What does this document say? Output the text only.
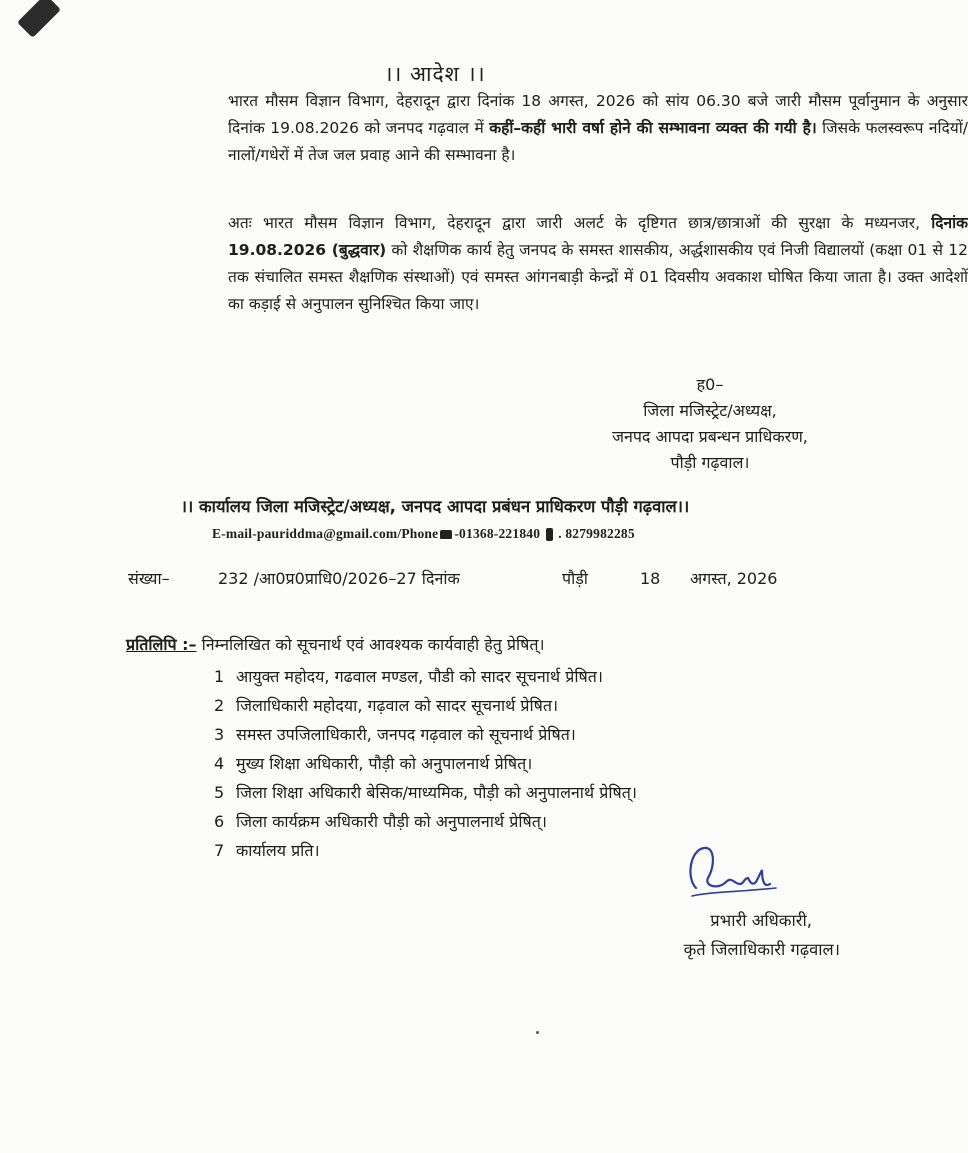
।। आदेश ।।

भारत मौसम विज्ञान विभाग, देहरादून द्वारा दिनांक 18 अगस्त, 2026 को सांय 06.30 बजे जारी मौसम पूर्वानुमान के अनुसार दिनांक 19.08.2026 को जनपद गढ़वाल में कहीं–कहीं भारी वर्षा होने की सम्भावना व्यक्त की गयी है। जिसके फलस्वरूप नदियों/नालों/गधेरों में तेज जल प्रवाह आने की सम्भावना है।

अतः भारत मौसम विज्ञान विभाग, देहरादून द्वारा जारी अलर्ट के दृष्टिगत छात्र/छात्राओं की सुरक्षा के मध्यनजर, दिनांक 19.08.2026 (बुद्धवार) को शैक्षणिक कार्य हेतु जनपद के समस्त शासकीय, अर्द्धशासकीय एवं निजी विद्यालयों (कक्षा 01 से 12 तक संचालित समस्त शैक्षणिक संस्थाओं) एवं समस्त आंगनबाड़ी केन्द्रों में 01 दिवसीय अवकाश घोषित किया जाता है। उक्त आदेशों का कड़ाई से अनुपालन सुनिश्चित किया जाए।

ह0–
जिला मजिस्ट्रेट/अध्यक्ष,
जनपद आपदा प्रबन्धन प्राधिकरण,
पौड़ी गढ़वाल।
।। कार्यालय जिला मजिस्ट्रेट/अध्यक्ष, जनपद आपदा प्रबंधन प्राधिकरण पौड़ी गढ़वाल।।
E-mail-pauriddma@gmail.com/Phone -01368-221840 . 8279982285
संख्या–	232 /आ0प्र0प्राधि0/2026–27 दिनांक	पौड़ी	18 अगस्त, 2026
प्रतिलिपि :– निम्नलिखित को सूचनार्थ एवं आवश्यक कार्यवाही हेतु प्रेषित्।
1 आयुक्त महोदय, गढवाल मण्डल, पौडी को सादर सूचनार्थ प्रेषित।
2 जिलाधिकारी महोदया, गढ़वाल को सादर सूचनार्थ प्रेषित।
3 समस्त उपजिलाधिकारी, जनपद गढ़वाल को सूचनार्थ प्रेषित।
4 मुख्य शिक्षा अधिकारी, पौड़ी को अनुपालनार्थ प्रेषित्।
5 जिला शिक्षा अधिकारी बेसिक/माध्यमिक, पौड़ी को अनुपालनार्थ प्रेषित्।
6 जिला कार्यक्रम अधिकारी पौड़ी को अनुपालनार्थ प्रेषित्।
7 कार्यालय प्रति।
प्रभारी अधिकारी,
कृते जिलाधिकारी गढ़वाल।
